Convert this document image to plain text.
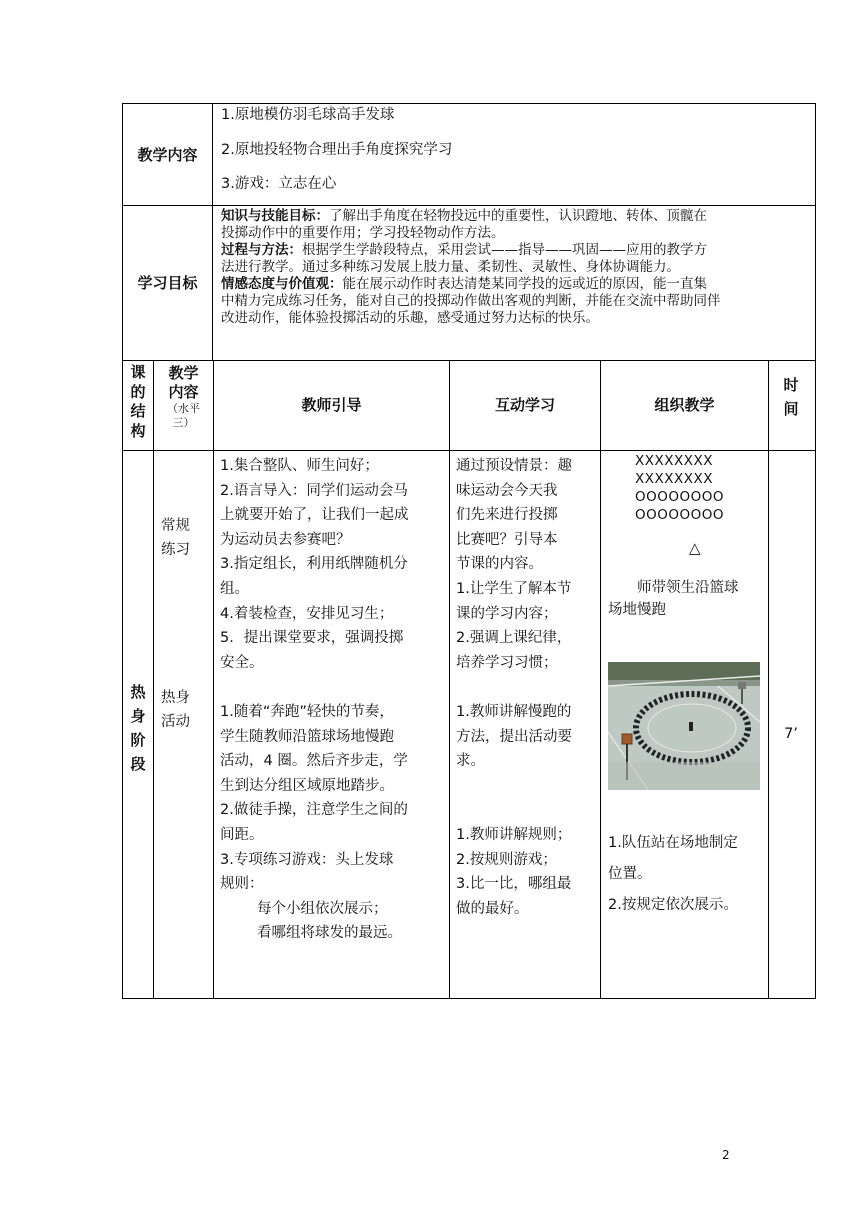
教学内容
1.原地模仿羽毛球高手发球
2.原地投轻物合理出手角度探究学习
3.游戏：立志在心
学习目标
知识与技能目标：了解出手角度在轻物投远中的重要性，认识蹬地、转体、顶髋在
投掷动作中的重要作用；学习投轻物动作方法。
过程与方法：根据学生学龄段特点，采用尝试——指导——巩固——应用的教学方
法进行教学。通过多种练习发展上肢力量、柔韧性、灵敏性、身体协调能力。
情感态度与价值观：能在展示动作时表达清楚某同学投的远或近的原因，能一直集
中精力完成练习任务，能对自己的投掷动作做出客观的判断，并能在交流中帮助同伴
改进动作，能体验投掷活动的乐趣，感受通过努力达标的快乐。
课
的
结
构
教学
内容
（水平
三）
教师引导	互动学习	组织教学
时
间
热
身
阶
段
常规
练习
热身
活动
1.集合整队、师生问好；
2.语言导入：同学们运动会马
上就要开始了，让我们一起成
为运动员去参赛吧？
3.指定组长，利用纸牌随机分
组。
4.着装检查，安排见习生；
5．提出课堂要求，强调投掷
安全。
1.随着“奔跑”轻快的节奏，
学生随教师沿篮球场地慢跑
活动，4 圈。然后齐步走，学
生到达分组区域原地踏步。
2.做徒手操，注意学生之间的
间距。
3.专项练习游戏：头上发球
规则：
每个小组依次展示；
看哪组将球发的最远。
通过预设情景：趣
味运动会今天我
们先来进行投掷
比赛吧？引导本
节课的内容。
1.让学生了解本节
课的学习内容；
2.强调上课纪律，
培养学习习惯；
1.教师讲解慢跑的
方法，提出活动要
求。
1.教师讲解规则；
2.按规则游戏；
3.比一比，哪组最
做的最好。
XXXXXXXX
XXXXXXXX
OOOOOOOO
OOOOOOOO
△
师带领生沿篮球
场地慢跑
1.队伍站在场地制定
位置。
2.按规定依次展示。
7’
2
